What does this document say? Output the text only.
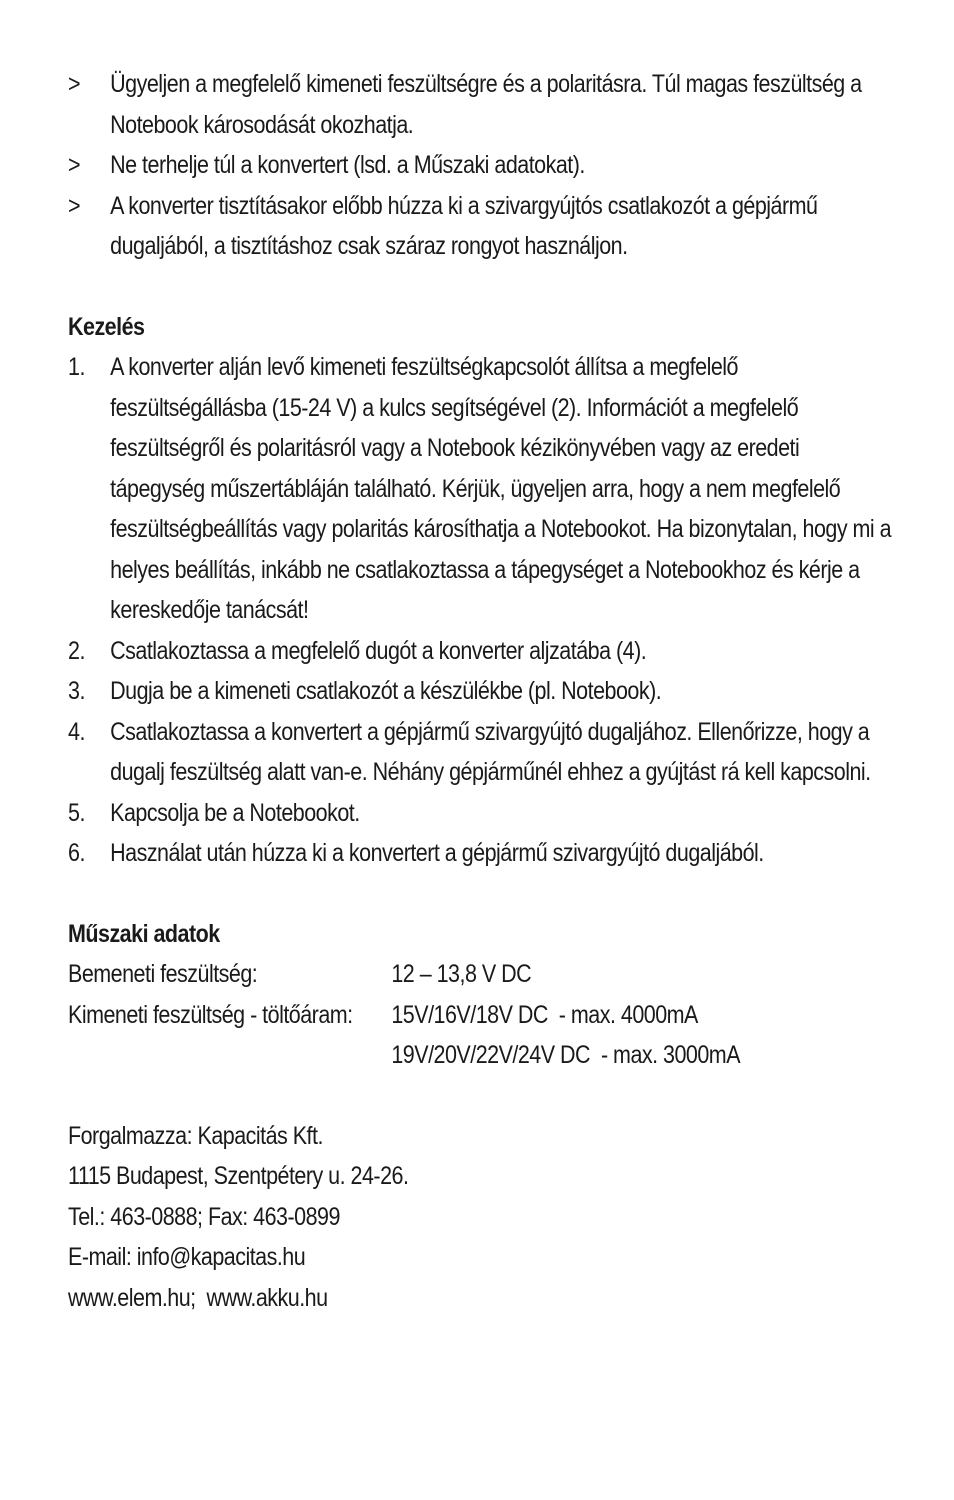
>	Ügyeljen a megfelelő kimeneti feszültségre és a polaritásra. Túl magas feszültség a Notebook károsodását okozhatja.
>	Ne terhelje túl a konvertert (lsd. a Műszaki adatokat).
>	A konverter tisztításakor előbb húzza ki a szivargyújtós csatlakozót a gépjármű dugaljából, a tisztításhoz csak száraz rongyot használjon.
Kezelés
1.	A konverter alján levő kimeneti feszültségkapcsolót állítsa a megfelelő feszültségállásba (15-24 V) a kulcs segítségével (2). Információt a megfelelő feszültségről és polaritásról vagy a Notebook kézikönyvében vagy az eredeti tápegység műszertábláján található. Kérjük, ügyeljen arra, hogy a nem megfelelő feszültségbeállítás vagy polaritás károsíthatja a Notebookot. Ha bizonytalan, hogy mi a helyes beállítás, inkább ne csatlakoztassa a tápegységet a Notebookhoz és kérje a kereskedője tanácsát!
2.	Csatlakoztassa a megfelelő dugót a konverter aljzatába (4).
3.	Dugja be a kimeneti csatlakozót a készülékbe (pl. Notebook).
4.	Csatlakoztassa a konvertert a gépjármű szivargyújtó dugaljához. Ellenőrizze, hogy a dugalj feszültség alatt van-e. Néhány gépjárműnél ehhez a gyújtást rá kell kapcsolni.
5.	Kapcsolja be a Notebookot.
6.	Használat után húzza ki a konvertert a gépjármű szivargyújtó dugaljából.
Műszaki adatok
Bemeneti feszültség:	12 – 13,8 V DC
Kimeneti feszültség - töltőáram:	15V/16V/18V DC  - max. 4000mA
19V/20V/22V/24V DC  - max. 3000mA
Forgalmazza: Kapacitás Kft.
1115 Budapest, Szentpétery u. 24-26.
Tel.: 463-0888; Fax: 463-0899
E-mail: info@kapacitas.hu
www.elem.hu;  www.akku.hu
